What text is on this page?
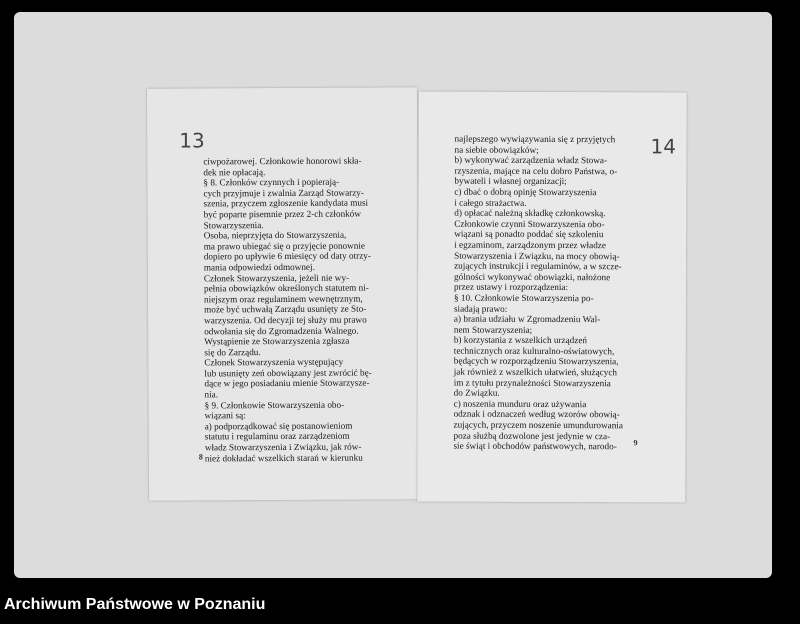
13
ciwpożarowej. Członkowie honorowi skła-
dek nie opłacają.
§ 8. Członków czynnych i popierają-
cych przyjmuje i zwalnia Zarząd Stowarzy-
szenia, przyczem zgłoszenie kandydata musi
być poparte pisemnie przez 2-ch członków
Stowarzyszenia.
Osoba, nieprzyjęta do Stowarzyszenia,
ma prawo ubiegać się o przyjęcie ponownie
dopiero po upływie 6 miesięcy od daty otrzy-
mania odpowiedzi odmownej.
Członek Stowarzyszenia, jeżeli nie wy-
pełnia obowiązków określonych statutem ni-
niejszym oraz regulaminem wewnętrznym,
może być uchwałą Zarządu usunięty ze Sto-
warzyszenia. Od decyzji tej służy mu prawo
odwołania się do Zgromadzenia Walnego.
Wystąpienie ze Stowarzyszenia zgłasza
się do Zarządu.
Członek Stowarzyszenia występujący
lub usunięty zeń obowiązany jest zwrócić bę-
dące w jego posiadaniu mienie Stowarzysze-
nia.
§ 9. Członkowie Stowarzyszenia obo-
wiązani są:
a) podporządkować się postanowieniom
statutu i regulaminu oraz zarządzeniom
władz Stowarzyszenia i Związku, jak rów-
nież dokładać wszelkich starań w kierunku
8
14
najlepszego wywiązywania się z przyjętych
na siebie obowiązków;
b) wykonywać zarządzenia władz Stowa-
rzyszenia, mające na celu dobro Państwa, o-
bywateli i własnej organizacji;
c) dbać o dobrą opinję Stowarzyszenia
i całego strażactwa.
d) opłacać należną składkę członkowską.
Członkowie czynni Stowarzyszenia obo-
wiązani są ponadto poddać się szkoleniu
i egzaminom, zarządzonym przez władze
Stowarzyszenia i Związku, na mocy obowią-
zujących instrukcji i regulaminów, a w szcze-
gólności wykonywać obowiązki, nałożone
przez ustawy i rozporządzenia:
§ 10. Członkowie Stowarzyszenia po-
siadają prawo:
a) brania udziału w Zgromadzeniu Wal-
nem Stowarzyszenia;
b) korzystania z wszelkich urządzeń
technicznych oraz kulturalno-oświatowych,
będących w rozporządzeniu Stowarzyszenia,
jak również z wszelkich ułatwień, służących
im z tytułu przynależności Stowarzyszenia
do Związku.
c) noszenia munduru oraz używania
odznak i odznaczeń według wzorów obowią-
zujących, przyczem noszenie umundurowania
poza służbą dozwolone jest jedynie w cza-
sie świąt i obchodów państwowych, narodo-	9
Archiwum Państwowe w Poznaniu
